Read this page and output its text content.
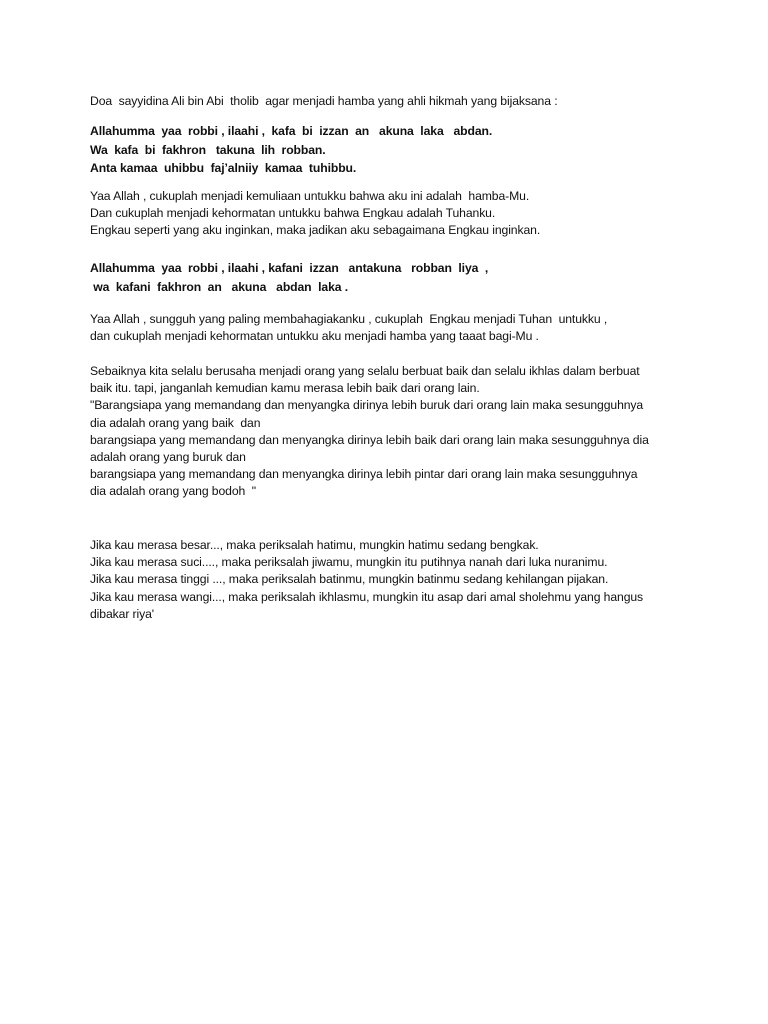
Doa  sayyidina Ali bin Abi  tholib  agar menjadi hamba yang ahli hikmah yang bijaksana :

Allahumma  yaa  robbi , ilaahi ,  kafa  bi  izzan  an   akuna  laka   abdan.
Wa  kafa  bi  fakhron   takuna  lih  robban.
Anta kamaa  uhibbu  faj’alniiy  kamaa  tuhibbu.
Yaa Allah , cukuplah menjadi kemuliaan untukku bahwa aku ini adalah  hamba-Mu.
Dan cukuplah menjadi kehormatan untukku bahwa Engkau adalah Tuhanku.
Engkau seperti yang aku inginkan, maka jadikan aku sebagaimana Engkau inginkan.
Allahumma  yaa  robbi , ilaahi , kafani  izzan   antakuna   robban  liya  ,
wa  kafani  fakhron  an   akuna   abdan  laka .
Yaa Allah , sungguh yang paling membahagiakanku , cukuplah  Engkau menjadi Tuhan  untukku ,
dan cukuplah menjadi kehormatan untukku aku menjadi hamba yang taaat bagi-Mu .
Sebaiknya kita selalu berusaha menjadi orang yang selalu berbuat baik dan selalu ikhlas dalam berbuat
baik itu. tapi, janganlah kemudian kamu merasa lebih baik dari orang lain.
"Barangsiapa yang memandang dan menyangka dirinya lebih buruk dari orang lain maka sesungguhnya
dia adalah orang yang baik  dan
barangsiapa yang memandang dan menyangka dirinya lebih baik dari orang lain maka sesungguhnya dia
adalah orang yang buruk dan
barangsiapa yang memandang dan menyangka dirinya lebih pintar dari orang lain maka sesungguhnya
dia adalah orang yang bodoh  "
Jika kau merasa besar..., maka periksalah hatimu, mungkin hatimu sedang bengkak.
Jika kau merasa suci...., maka periksalah jiwamu, mungkin itu putihnya nanah dari luka nuranimu.
Jika kau merasa tinggi ..., maka periksalah batinmu, mungkin batinmu sedang kehilangan pijakan.
Jika kau merasa wangi..., maka periksalah ikhlasmu, mungkin itu asap dari amal sholehmu yang hangus
dibakar riya'
